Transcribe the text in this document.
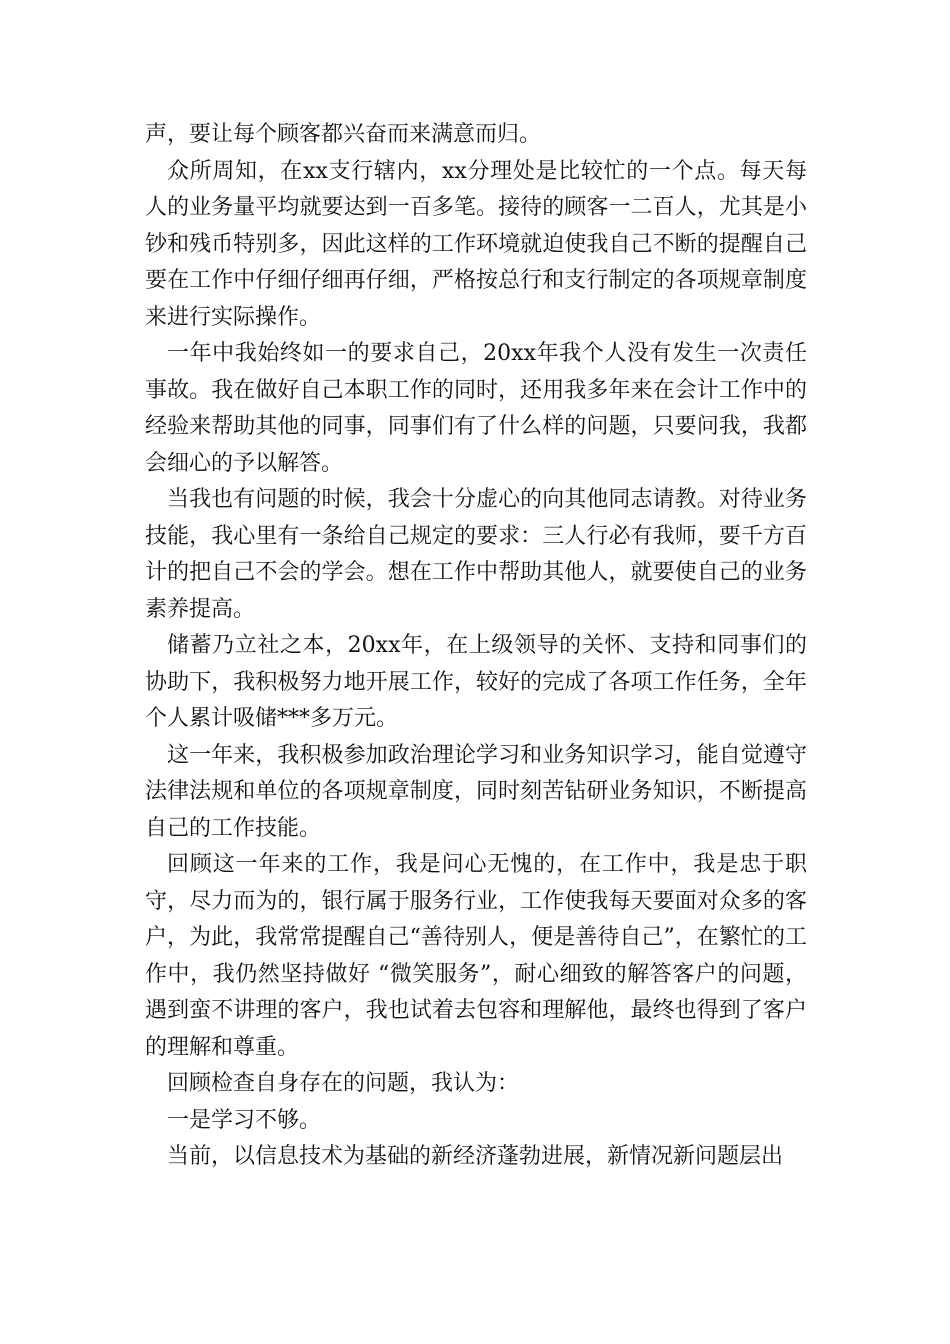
声，要让每个顾客都兴奋而来满意而归。

众所周知，在xx支行辖内，xx分理处是比较忙的一个点。每天每人的业务量平均就要达到一百多笔。接待的顾客一二百人，尤其是小钞和残币特别多，因此这样的工作环境就迫使我自己不断的提醒自己要在工作中仔细仔细再仔细，严格按总行和支行制定的各项规章制度来进行实际操作。

一年中我始终如一的要求自己，20xx年我个人没有发生一次责任事故。我在做好自己本职工作的同时，还用我多年来在会计工作中的经验来帮助其他的同事，同事们有了什么样的问题，只要问我，我都会细心的予以解答。

当我也有问题的时候，我会十分虚心的向其他同志请教。对待业务技能，我心里有一条给自己规定的要求：三人行必有我师，要千方百计的把自己不会的学会。想在工作中帮助其他人，就要使自己的业务素养提高。

储蓄乃立社之本，20xx年，在上级领导的关怀、支持和同事们的协助下，我积极努力地开展工作，较好的完成了各项工作任务，全年个人累计吸储***多万元。

这一年来，我积极参加政治理论学习和业务知识学习，能自觉遵守法律法规和单位的各项规章制度，同时刻苦钻研业务知识，不断提高自己的工作技能。

回顾这一年来的工作，我是问心无愧的，在工作中，我是忠于职守，尽力而为的，银行属于服务行业，工作使我每天要面对众多的客户，为此，我常常提醒自己“善待别人，便是善待自己”，在繁忙的工作中，我仍然坚持做好 “微笑服务”，耐心细致的解答客户的问题，遇到蛮不讲理的客户，我也试着去包容和理解他，最终也得到了客户的理解和尊重。

回顾检查自身存在的问题，我认为：

一是学习不够。

当前，以信息技术为基础的新经济蓬勃进展，新情况新问题层出
